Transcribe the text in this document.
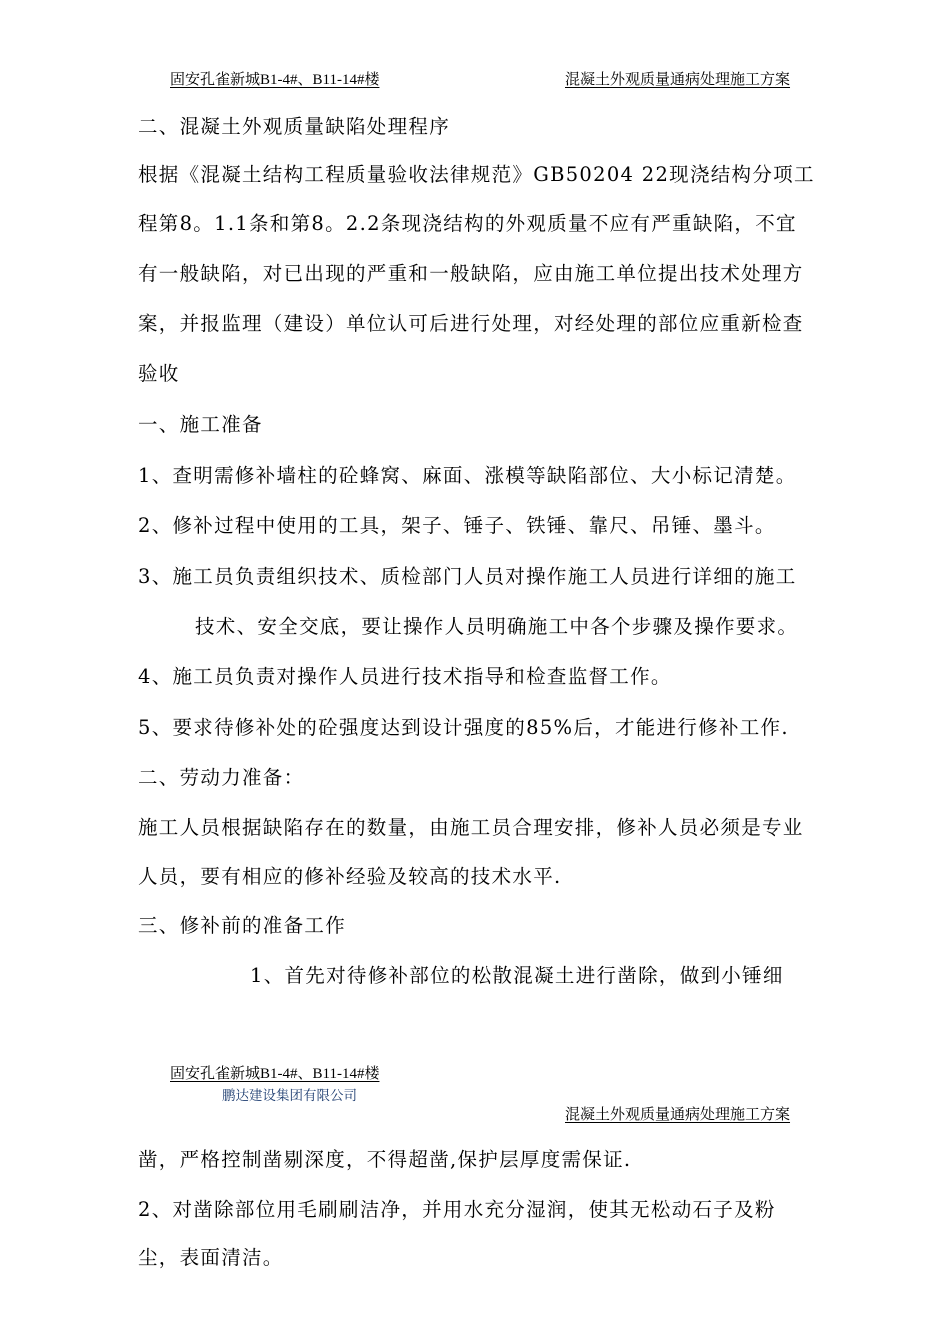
固安孔雀新城B1-4#、B11-14#楼	混凝土外观质量通病处理施工方案
二、混凝土外观质量缺陷处理程序
根据《混凝土结构工程质量验收法律规范》GB50204 22现浇结构分项工
程第8。1.1条和第8。2.2条现浇结构的外观质量不应有严重缺陷，不宜
有一般缺陷，对已出现的严重和一般缺陷，应由施工单位提出技术处理方
案，并报监理（建设）单位认可后进行处理，对经处理的部位应重新检查
验收
一、施工准备
1、查明需修补墙柱的砼蜂窝、麻面、涨模等缺陷部位、大小标记清楚。
2、修补过程中使用的工具，架子、锤子、铁锤、靠尺、吊锤、墨斗。
3、施工员负责组织技术、质检部门人员对操作施工人员进行详细的施工
技术、安全交底，要让操作人员明确施工中各个步骤及操作要求。
4、施工员负责对操作人员进行技术指导和检查监督工作。
5、要求待修补处的砼强度达到设计强度的85%后，才能进行修补工作.
二、劳动力准备：
施工人员根据缺陷存在的数量，由施工员合理安排，修补人员必须是专业
人员，要有相应的修补经验及较高的技术水平.
三、修补前的准备工作
1、首先对待修补部位的松散混凝土进行凿除，做到小锤细
固安孔雀新城B1-4#、B11-14#楼
鹏达建设集团有限公司
混凝土外观质量通病处理施工方案
凿，严格控制凿剔深度，不得超凿,保护层厚度需保证.
2、对凿除部位用毛刷刷洁净，并用水充分湿润，使其无松动石子及粉
尘，表面清洁。
